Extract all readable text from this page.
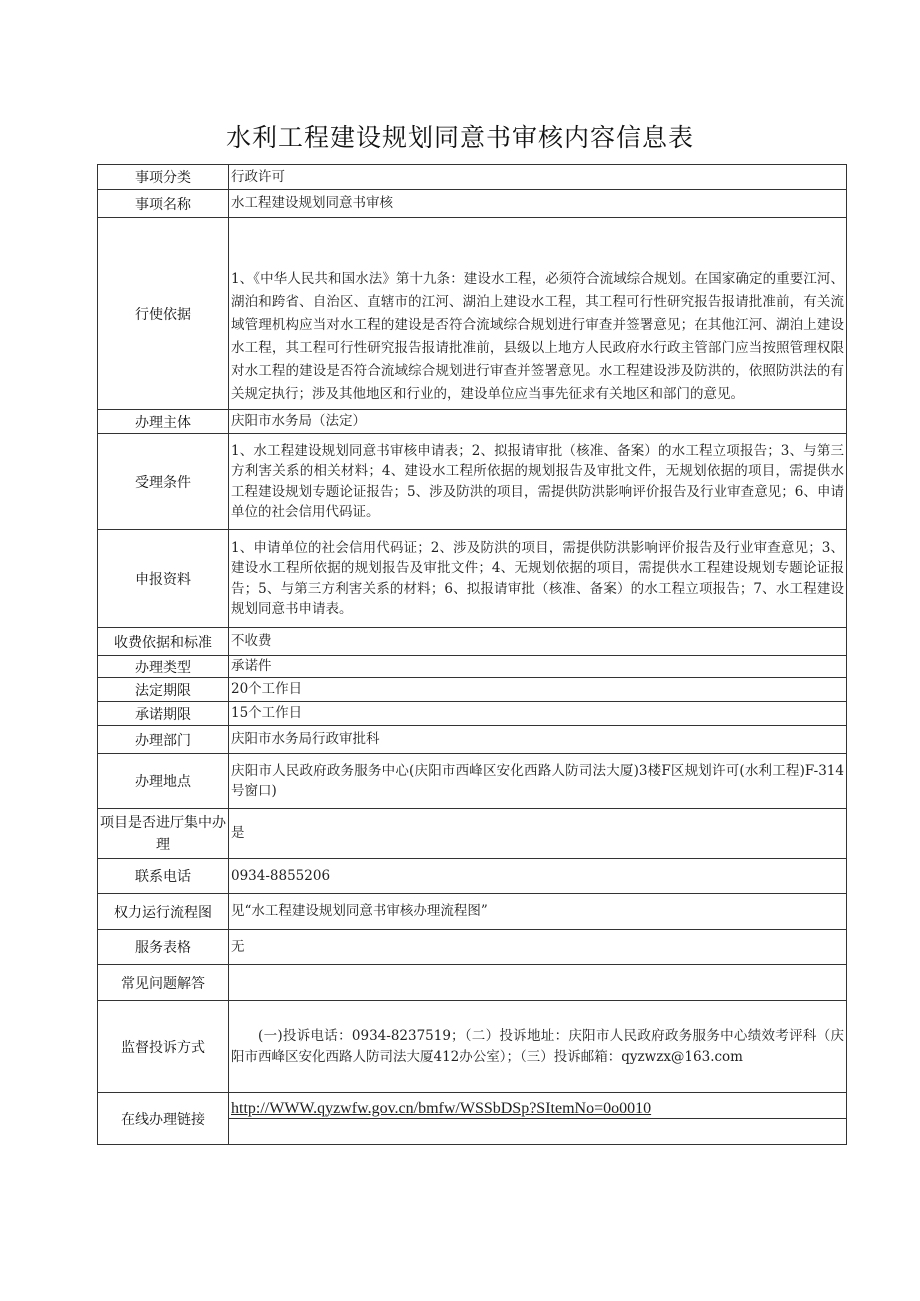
水利工程建设规划同意书审核内容信息表
事项分类	行政许可
事项名称	水工程建设规划同意书审核
行使依据	1、《中华人民共和国水法》第十九条：建设水工程，必须符合流域综合规划。在国家确定的重要江河、湖泊和跨省、自治区、直辖市的江河、湖泊上建设水工程，其工程可行性研究报告报请批准前，有关流域管理机构应当对水工程的建设是否符合流域综合规划进行审查并签署意见；在其他江河、湖泊上建设水工程，其工程可行性研究报告报请批准前，县级以上地方人民政府水行政主管部门应当按照管理权限对水工程的建设是否符合流域综合规划进行审查并签署意见。水工程建设涉及防洪的，依照防洪法的有关规定执行；涉及其他地区和行业的，建设单位应当事先征求有关地区和部门的意见。
办理主体	庆阳市水务局（法定）
受理条件	1、水工程建设规划同意书审核申请表；2、拟报请审批（核准、备案）的水工程立项报告；3、与第三方利害关系的相关材料；4、建设水工程所依据的规划报告及审批文件，无规划依据的项目，需提供水工程建设规划专题论证报告；5、涉及防洪的项目，需提供防洪影响评价报告及行业审查意见；6、申请单位的社会信用代码证。
申报资料	1、申请单位的社会信用代码证；2、涉及防洪的项目，需提供防洪影响评价报告及行业审查意见；3、建设水工程所依据的规划报告及审批文件；4、无规划依据的项目，需提供水工程建设规划专题论证报告；5、与第三方利害关系的材料；6、拟报请审批（核准、备案）的水工程立项报告；7、水工程建设规划同意书申请表。
收费依据和标准	不收费
办理类型	承诺件
法定期限	20个工作日
承诺期限	15个工作日
办理部门	庆阳市水务局行政审批科
办理地点	庆阳市人民政府政务服务中心(庆阳市西峰区安化西路人防司法大厦)3楼F区规划许可(水利工程)F-314号窗口)
项目是否进厅集中办理	是
联系电话	0934-8855206
权力运行流程图	见“水工程建设规划同意书审核办理流程图”
服务表格	无
常见问题解答	
监督投诉方式	(一)投诉电话：0934-8237519；（二）投诉地址：庆阳市人民政府政务服务中心绩效考评科（庆阳市西峰区安化西路人防司法大厦412办公室）；（三）投诉邮箱：qyzwzx@163.com
在线办理链接	http://WWW.qyzwfw.gov.cn/bmfw/WSSbDSp?SItemNo=0o0010
